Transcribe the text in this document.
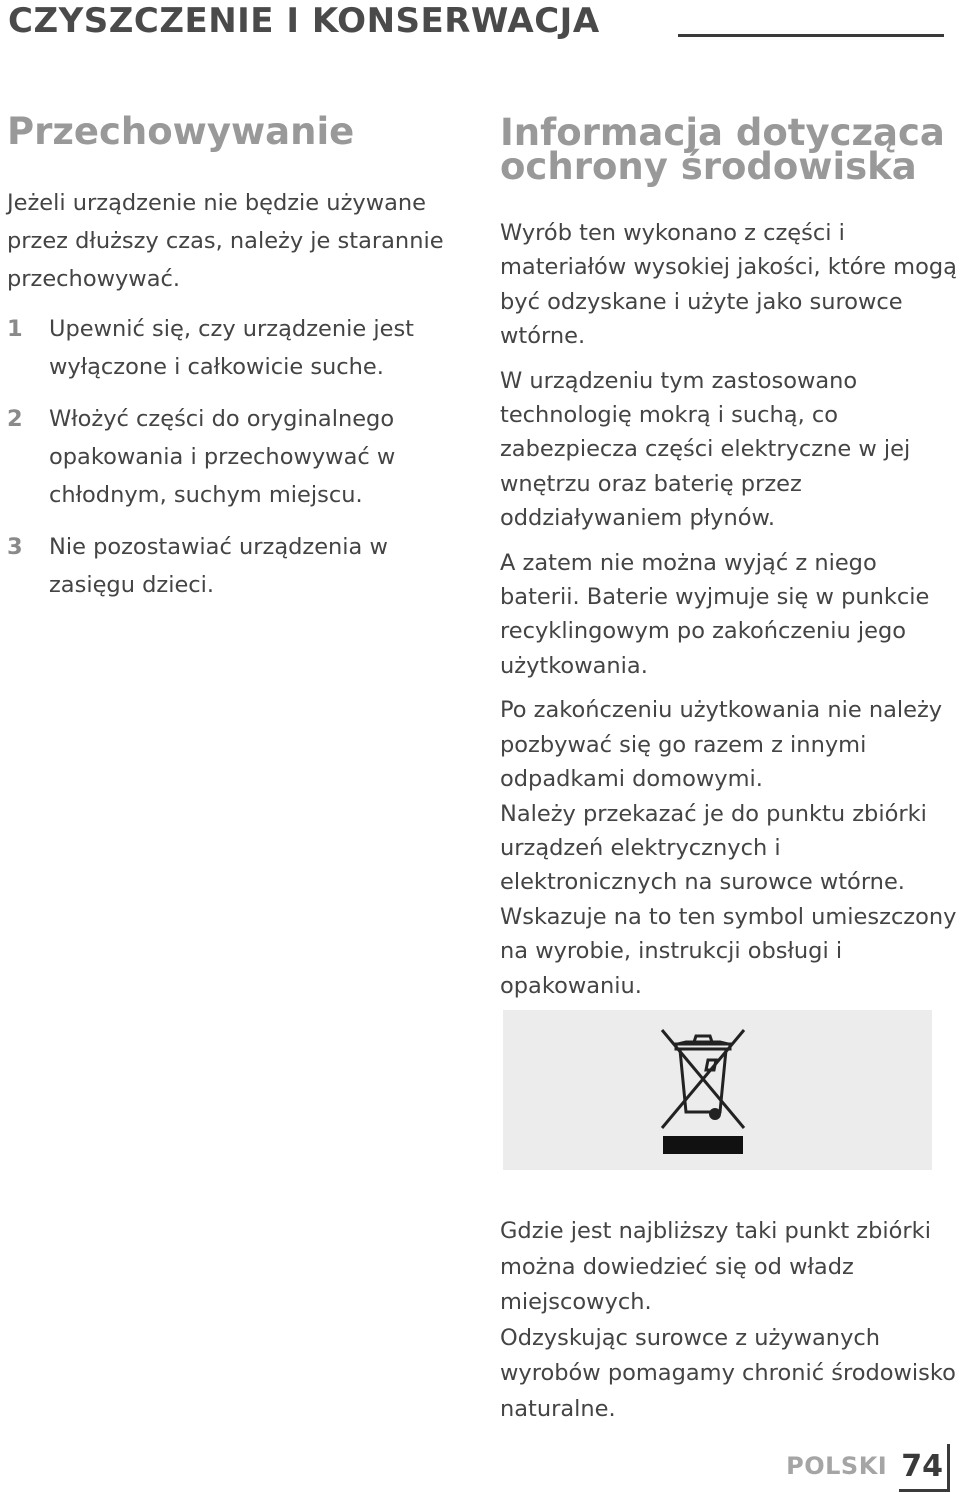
CZYSZCZENIE I KONSERWACJA
Przechowywanie

Jeżeli urządzenie nie będzie używane przez dłuższy czas, należy je starannie przechowywać.

1	Upewnić się, czy urządzenie jest wyłączone i całkowicie suche.
2	Włożyć części do oryginalnego opakowania i przechowywać w chłodnym, suchym miejscu.
3	Nie pozostawiać urządzenia w zasięgu dzieci.
Informacja dotycząca ochrony środowiska

Wyrób ten wykonano z części i materiałów wysokiej jakości, które mogą być odzyskane i użyte jako surowce wtórne.

W urządzeniu tym zastosowano technologię mokrą i suchą, co zabezpiecza części elektryczne w jej wnętrzu oraz baterię przez oddziaływaniem płynów.

A zatem nie można wyjąć z niego baterii. Baterie wyjmuje się w punkcie recyklingowym po zakończeniu jego użytkowania.

Po zakończeniu użytkowania nie należy pozbywać się go razem z innymi odpadkami domowymi.

Należy przekazać je do punktu zbiórki urządzeń elektrycznych i elektronicznych na surowce wtórne.

Wskazuje na to ten symbol umieszczony na wyrobie, instrukcji obsługi i opakowaniu.

Gdzie jest najbliższy taki punkt zbiórki można dowiedzieć się od władz miejscowych.

Odzyskując surowce z używanych wyrobów pomagamy chronić środowisko naturalne.

POLSKI 74
